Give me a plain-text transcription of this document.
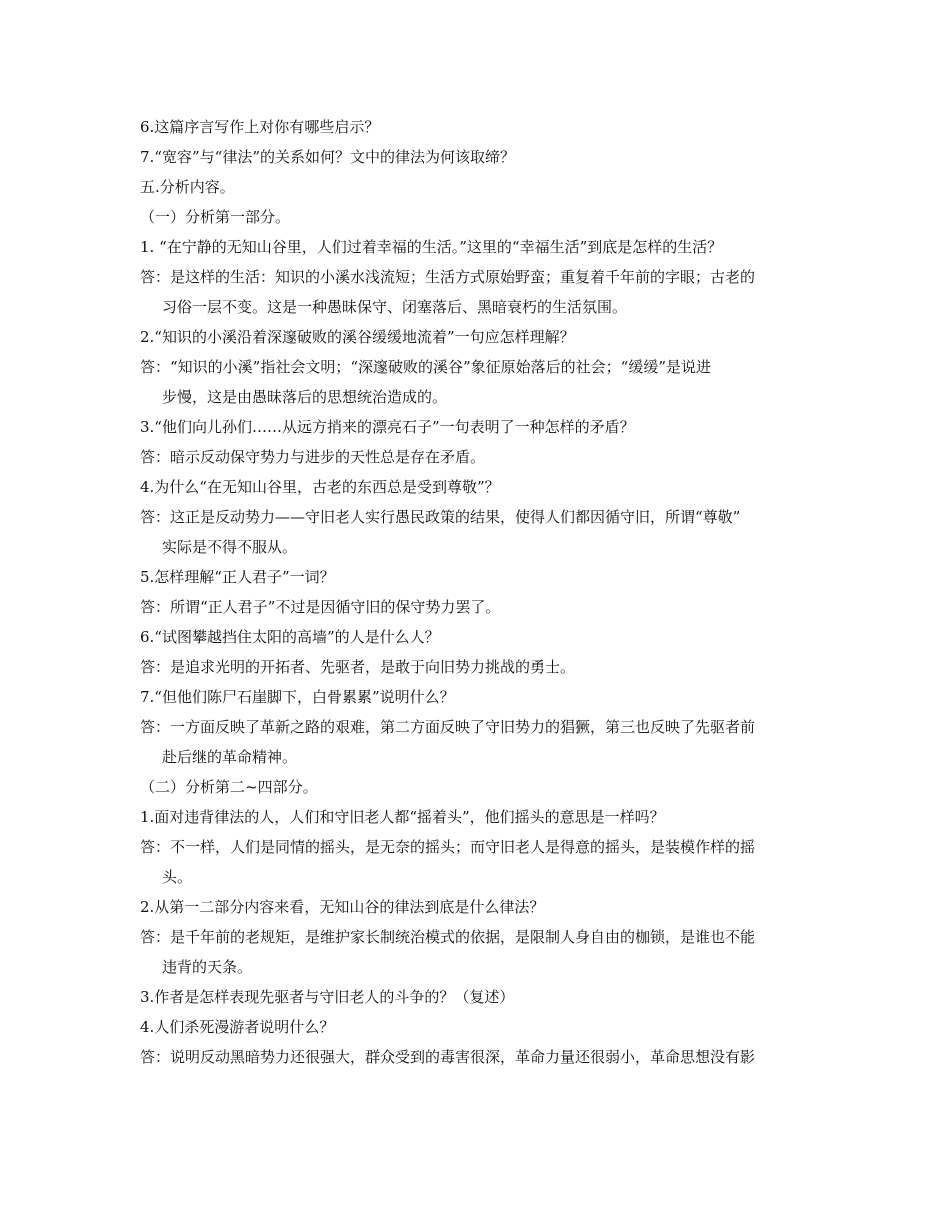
6.这篇序言写作上对你有哪些启示？

7.“宽容”与“律法”的关系如何？文中的律法为何该取缔？

五.分析内容。

（一）分析第一部分。

1. “在宁静的无知山谷里，人们过着幸福的生活。”这里的“幸福生活”到底是怎样的生活？

答：是这样的生活：知识的小溪水浅流短；生活方式原始野蛮；重复着千年前的字眼；古老的

习俗一层不变。这是一种愚昧保守、闭塞落后、黑暗衰朽的生活氛围。

2.“知识的小溪沿着深邃破败的溪谷缓缓地流着”一句应怎样理解？

答：“知识的小溪”指社会文明；“深邃破败的溪谷”象征原始落后的社会；“缓缓”是说进

步慢，这是由愚昧落后的思想统治造成的。

3.“他们向儿孙们……从远方捎来的漂亮石子”一句表明了一种怎样的矛盾？

答：暗示反动保守势力与进步的天性总是存在矛盾。

4.为什么“在无知山谷里，古老的东西总是受到尊敬”？

答：这正是反动势力——守旧老人实行愚民政策的结果，使得人们都因循守旧，所谓“尊敬”

实际是不得不服从。

5.怎样理解“正人君子”一词？

答：所谓“正人君子”不过是因循守旧的保守势力罢了。

6.“试图攀越挡住太阳的高墙”的人是什么人？

答：是追求光明的开拓者、先驱者，是敢于向旧势力挑战的勇士。

7.“但他们陈尸石崖脚下，白骨累累”说明什么？

答：一方面反映了革新之路的艰难，第二方面反映了守旧势力的猖獗，第三也反映了先驱者前

赴后继的革命精神。

（二）分析第二~四部分。

1.面对违背律法的人，人们和守旧老人都“摇着头”，他们摇头的意思是一样吗？

答：不一样，人们是同情的摇头，是无奈的摇头；而守旧老人是得意的摇头，是装模作样的摇

头。

2.从第一二部分内容来看，无知山谷的律法到底是什么律法？

答：是千年前的老规矩，是维护家长制统治模式的依据，是限制人身自由的枷锁，是谁也不能

违背的天条。

3.作者是怎样表现先驱者与守旧老人的斗争的？（复述）

4.人们杀死漫游者说明什么？

答：说明反动黑暗势力还很强大，群众受到的毒害很深，革命力量还很弱小，革命思想没有影
